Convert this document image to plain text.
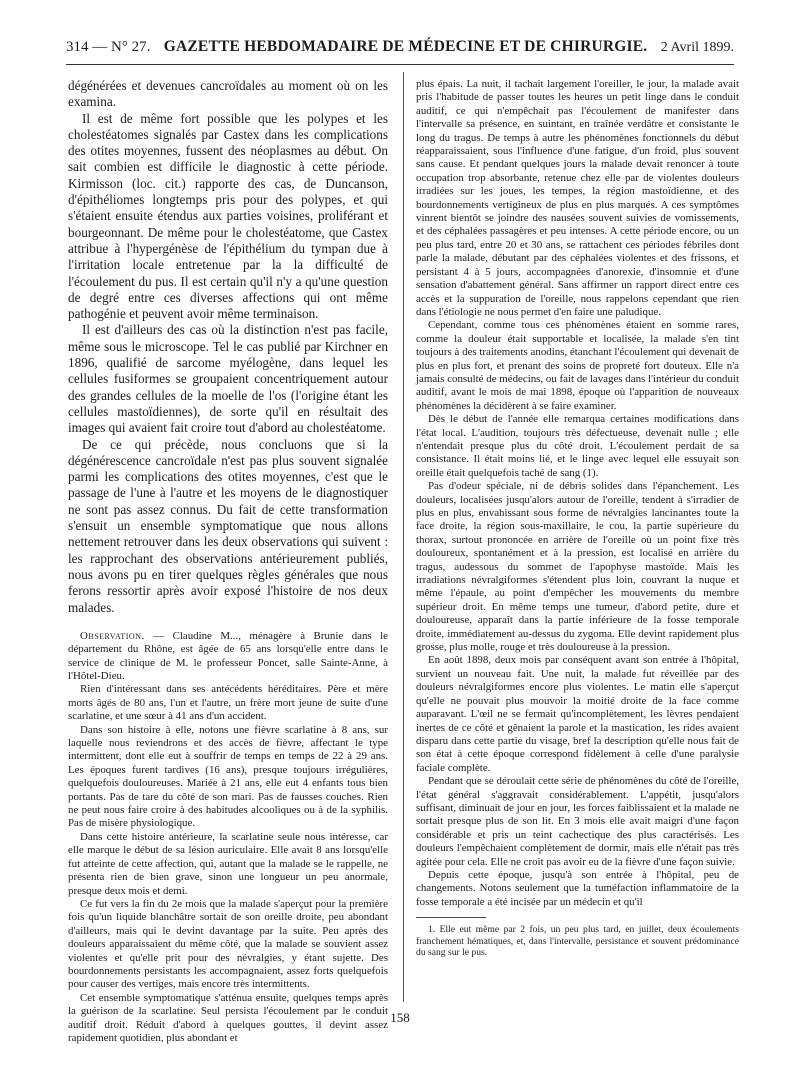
314 — N° 27. GAZETTE HEBDOMADAIRE DE MÉDECINE ET DE CHIRURGIE. 2 Avril 1899.

dégénérées et devenues cancroïdales au moment où on les examina.

Il est de même fort possible que les polypes et les cholestéatomes signalés par Castex dans les complications des otites moyennes, fussent des néoplasmes au début. On sait combien est difficile le diagnostic à cette période. Kirmisson (loc. cit.) rapporte des cas, de Duncanson, d'épithéliomes longtemps pris pour des polypes, et qui s'étaient ensuite étendus aux parties voisines, proliférant et bourgeonnant. De même pour le cholestéatome, que Castex attribue à l'hypergénèse de l'épithélium du tympan due à l'irritation locale entretenue par la la difficulté de l'écoulement du pus. Il est certain qu'il n'y a qu'une question de degré entre ces diverses affections qui ont même pathogénie et peuvent avoir même terminaison.

Il est d'ailleurs des cas où la distinction n'est pas facile, même sous le microscope. Tel le cas publié par Kirchner en 1896, qualifié de sarcome myélogène, dans lequel les cellules fusiformes se groupaient concentriquement autour des grandes cellules de la moelle de l'os (l'origine étant les cellules mastoïdiennes), de sorte qu'il en résultait des images qui avaient fait croire tout d'abord au cholestéatome.

De ce qui précède, nous concluons que si la dégénérescence cancroïdale n'est pas plus souvent signalée parmi les complications des otites moyennes, c'est que le passage de l'une à l'autre et les moyens de le diagnostiquer ne sont pas assez connus. Du fait de cette transformation s'ensuit un ensemble symptomatique que nous allons nettement retrouver dans les deux observations qui suivent : les rapprochant des observations antérieurement publiés, nous avons pu en tirer quelques règles générales que nous ferons ressortir après avoir exposé l'histoire de nos deux malades.

Observation. — Claudine M..., ménagère à Brunie dans le département du Rhône, est âgée de 65 ans lorsqu'elle entre dans le service de clinique de M. le professeur Poncet, salle Sainte-Anne, à l'Hôtel-Dieu.

Rien d'intéressant dans ses antécédents héréditaires. Père et mère morts âgés de 80 ans, l'un et l'autre, un frère mort jeune de suite d'une scarlatine, et une sœur à 41 ans d'un accident.

Dans son histoire à elle, notons une fièvre scarlatine à 8 ans, sur laquelle nous reviendrons et des accès de fièvre, affectant le type intermittent, dont elle eut à souffrir de temps en temps de 22 à 29 ans. Les époques furent tardives (16 ans), presque toujours irrégulières, quelquefois douloureuses. Mariée à 21 ans, elle eut 4 enfants tous bien portants. Pas de tare du côté de son mari. Pas de fausses couches. Rien ne peut nous faire croire à des habitudes alcooliques ou à de la syphilis. Pas de misère physiologique.

Dans cette histoire antérieure, la scarlatine seule nous intéresse, car elle marque le début de sa lésion auriculaire. Elle avait 8 ans lorsqu'elle fut atteinte de cette affection, qui, autant que la malade se le rappelle, ne présenta rien de bien grave, sinon une longueur un peu anormale, presque deux mois et demi.

Ce fut vers la fin du 2e mois que la malade s'aperçut pour la première fois qu'un liquide blanchâtre sortait de son oreille droite, peu abondant d'ailleurs, mais qui le devint davantage par la suite. Peu après des douleurs apparaissaient du même côté, que la malade se souvient assez violentes et qu'elle prit pour des névralgies, y étant sujette. Des bourdonnements persistants les accompagnaient, assez forts quelquefois pour causer des vertiges, mais encore très intermittents.

Cet ensemble symptomatique s'atténua ensuite, quelques temps après la guérison de la scarlatine. Seul persista l'écoulement par le conduit auditif droit. Réduit d'abord à quelques gouttes, il devint assez rapidement quotidien, plus abondant et

plus épais. La nuit, il tachait largement l'oreiller, le jour, la malade avait pris l'habitude de passer toutes les heures un petit linge dans le conduit auditif, ce qui n'empêchait pas l'écoulement de manifester dans l'intervalle sa présence, en suintant, en traînée verdâtre et consistante le long du tragus. De temps à autre les phénomènes fonctionnels du début réapparaissaient, sous l'influence d'une fatigue, d'un froid, plus souvent sans cause. Et pendant quelques jours la malade devait renoncer à toute occupation trop absorbante, retenue chez elle par de violentes douleurs irradiées sur les joues, les tempes, la région mastoïdienne, et des bourdonnements vertigineux de plus en plus marqués. A ces symptômes vinrent bientôt se joindre des nausées souvent suivies de vomissements, et des céphalées passagères et peu intenses. A cette période encore, ou un peu plus tard, entre 20 et 30 ans, se rattachent ces périodes fébriles dont parle la malade, débutant par des céphalées violentes et des frissons, et persistant 4 à 5 jours, accompagnées d'anorexie, d'insomnie et d'une sensation d'abattement général. Sans affirmer un rapport direct entre ces accès et la suppuration de l'oreille, nous rappelons cependant que rien dans l'étiologie ne nous permet d'en faire une paludique.

Cependant, comme tous ces phénomènes étaient en somme rares, comme la douleur était supportable et localisée, la malade s'en tint toujours à des traitements anodins, étanchant l'écoulement qui devenait de plus en plus fort, et prenant des soins de propreté fort douteux. Elle n'a jamais consulté de médecins, ou fait de lavages dans l'intérieur du conduit auditif, avant le mois de mai 1898, époque où l'apparition de nouveaux phénomènes la décidèrent à se faire examiner.

Dès le début de l'année elle remarqua certaines modifications dans l'état local. L'audition, toujours très défectueuse, devenait nulle ; elle n'entendait presque plus du côté droit. L'écoulement perdait de sa consistance. Il était moins lié, et le linge avec lequel elle essuyait son oreille était quelquefois taché de sang (1).

Pas d'odeur spéciale, ni de débris solides dans l'épanchement. Les douleurs, localisées jusqu'alors autour de l'oreille, tendent à s'irradier de plus en plus, envahissant sous forme de névralgies lancinantes toute la face droite, la région sous-maxillaire, le cou, la partie supérieure du thorax, surtout prononcée en arrière de l'oreille où un point fixe très douloureux, spontanément et à la pression, est localisé en arrière du tragus, audessous du sommet de l'apophyse mastoïde. Mais les irradiations névralgiformes s'étendent plus loin, couvrant la nuque et même l'épaule, au point d'empêcher les mouvements du membre supérieur droit. En même temps une tumeur, d'abord petite, dure et douloureuse, apparaît dans la partie inférieure de la fosse temporale droite, immédiatement au-dessus du zygoma. Elle devint rapidement plus grosse, plus molle, rouge et très douloureuse à la pression.

En août 1898, deux mois par conséquent avant son entrée à l'hôpital, survient un nouveau fait. Une nuit, la malade fut réveillée par des douleurs névralgiformes encore plus violentes. Le matin elle s'aperçut qu'elle ne pouvait plus mouvoir la moitié droite de la face comme auparavant. L'œil ne se fermait qu'incomplètement, les lèvres pendaient inertes de ce côté et gênaient la parole et la mastication, les rides avaient disparu dans cette partie du visage, bref la description qu'elle nous fait de son état à cette époque correspond fidèlement à celle d'une paralysie faciale complète.

Pendant que se déroulait cette série de phénomènes du côté de l'oreille, l'état général s'aggravait considérablement. L'appétit, jusqu'alors suffisant, diminuait de jour en jour, les forces faiblissaient et la malade ne sortait presque plus de son lit. En 3 mois elle avait maigri d'une façon considérable et pris un teint cachectique des plus caractérisés. Les douleurs l'empêchaient complètement de dormir, mais elle n'était pas très agitée pour cela. Elle ne croit pas avoir eu de la fièvre d'une façon suivie.

Depuis cette époque, jusqu'à son entrée à l'hôpital, peu de changements. Notons seulement que la tuméfaction inflammatoire de la fosse temporale a été incisée par un médecin et qu'il

1. Elle eut même par 2 fois, un peu plus tard, en juillet, deux écoulements franchement hématiques, et, dans l'intervalle, persistance et souvent prédominance du sang sur le pus.

158
